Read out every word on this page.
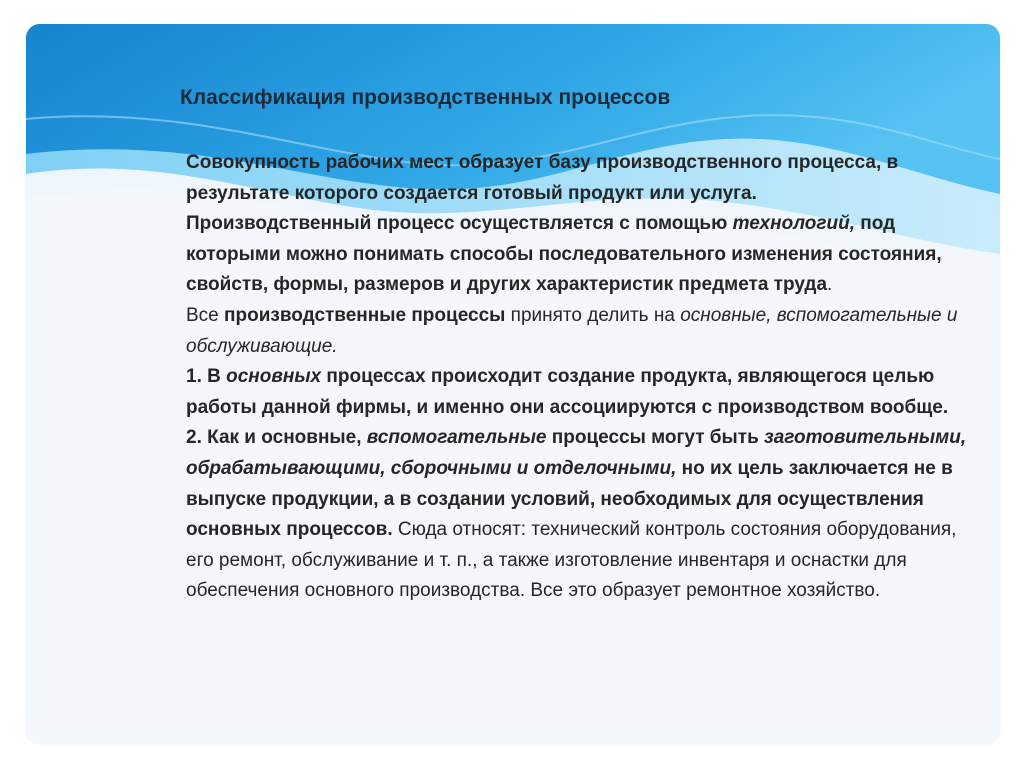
Классификация производственных процессов

Совокупность рабочих мест образует базу производственного процесса, в результате которого создается готовый продукт или услуга.

Производственный процесс осуществляется с помощью технологий, под которыми можно понимать способы последовательного изменения состояния, свойств, формы, размеров и других характеристик предмета труда.

Все производственные процессы принято делить на основные, вспомогательные и обслуживающие.

1. В основных процессах происходит создание продукта, являющегося целью работы данной фирмы, и именно они ассоциируются с производством вообще.

2. Как и основные, вспомогательные процессы могут быть заготовительными, обрабатывающими, сборочными и отделочными, но их цель заключается не в выпуске продукции, а в создании условий, необходимых для осуществления основных процессов. Сюда относят: технический контроль состояния оборудования, его ремонт, обслуживание и т. п., а также изготовление инвентаря и оснастки для обеспечения основного производства. Все это образует ремонтное хозяйство.
